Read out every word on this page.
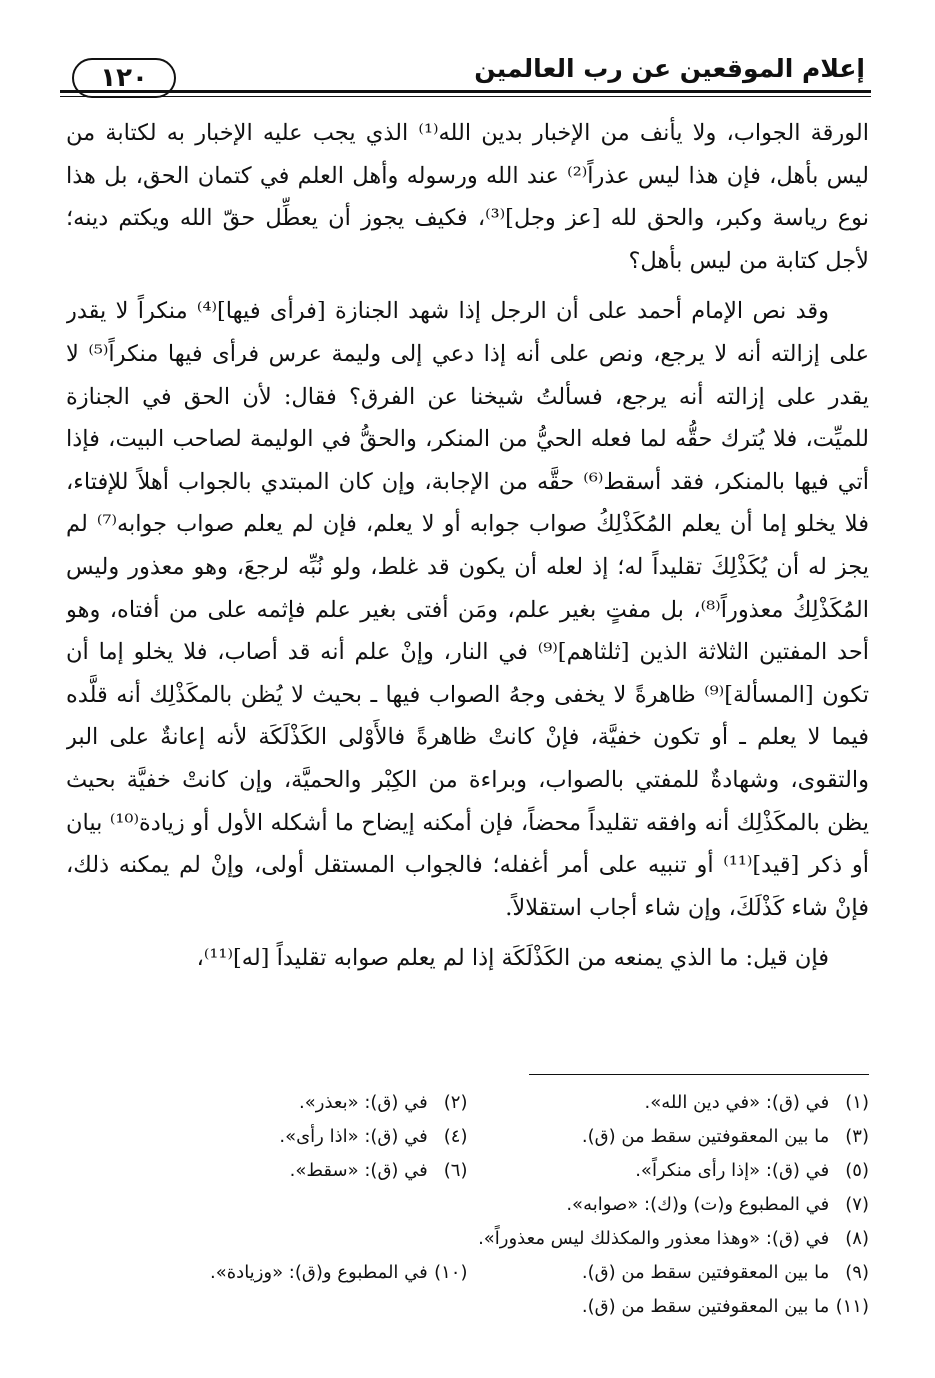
١٢٠	إعلام الموقعين عن رب العالمين

الورقة الجواب، ولا يأنف من الإخبار بدين الله⁽¹⁾ الذي يجب عليه الإخبار به لكتابة من ليس بأهل، فإن هذا ليس عذراً⁽²⁾ عند الله ورسوله وأهل العلم في كتمان الحق، بل هذا نوع رياسة وكبر، والحق لله [عز وجل]⁽³⁾، فكيف يجوز أن يعطِّل حقّ الله ويكتم دينه؛ لأجل كتابة من ليس بأهل؟

وقد نص الإمام أحمد على أن الرجل إذا شهد الجنازة [فرأى فيها]⁽⁴⁾ منكراً لا يقدر على إزالته أنه لا يرجع، ونص على أنه إذا دعي إلى وليمة عرس فرأى فيها منكراً⁽⁵⁾ لا يقدر على إزالته أنه يرجع، فسألتُ شيخنا عن الفرق؟ فقال: لأن الحق في الجنازة للميِّت، فلا يُترك حقُّه لما فعله الحيُّ من المنكر، والحقُّ في الوليمة لصاحب البيت، فإذا أتي فيها بالمنكر، فقد أسقط⁽⁶⁾ حقَّه من الإجابة، وإن كان المبتدي بالجواب أهلاً للإفتاء، فلا يخلو إما أن يعلم المُكَذْلِكُ صواب جوابه أو لا يعلم، فإن لم يعلم صواب جوابه⁽⁷⁾ لم يجز له أن يُكَذْلِكَ تقليداً له؛ إذ لعله أن يكون قد غلط، ولو نُبِّه لرجعَ، وهو معذور وليس المُكَذْلِكُ معذوراً⁽⁸⁾، بل مفتٍ بغير علم، ومَن أفتى بغير علم فإثمه على من أفتاه، وهو أحد المفتين الثلاثة الذين [ثلثاهم]⁽⁹⁾ في النار، وإنْ علم أنه قد أصاب، فلا يخلو إما أن تكون [المسألة]⁽⁹⁾ ظاهرةً لا يخفى وجهُ الصواب فيها ـ بحيث لا يُظن بالمكَذْلِك أنه قلَّده فيما لا يعلم ـ أو تكون خفيَّة، فإنْ كانتْ ظاهرةً فالأَوْلى الكَذْلَكَة لأنه إعانةٌ على البر والتقوى، وشهادةٌ للمفتي بالصواب، وبراءة من الكِبْر والحميَّة، وإن كانتْ خفيَّة بحيث يظن بالمكَذْلِك أنه وافقه تقليداً محضاً، فإن أمكنه إيضاح ما أشكله الأول أو زيادة⁽¹⁰⁾ بيان أو ذكر [قيد]⁽¹¹⁾ أو تنبيه على أمر أغفله؛ فالجواب المستقل أولى، وإنْ لم يمكنه ذلك، فإنْ شاء كَذْلَكَ، وإن شاء أجاب استقلالاً.

فإن قيل: ما الذي يمنعه من الكَذْلَكَة إذا لم يعلم صوابه تقليداً [له]⁽¹¹⁾،

(١) في (ق): «في دين الله».
(٢) في (ق): «بعذر».
(٣) ما بين المعقوفتين سقط من (ق).
(٤) في (ق): «اذا رأى».
(٥) في (ق): «إذا رأى منكراً».
(٦) في (ق): «سقط».
(٧) في المطبوع و(ت) و(ك): «صوابه».
(٨) في (ق): «وهذا معذور والمكذلك ليس معذوراً».
(٩) ما بين المعقوفتين سقط من (ق).
(١٠) في المطبوع و(ق): «وزيادة».
(١١) ما بين المعقوفتين سقط من (ق).
